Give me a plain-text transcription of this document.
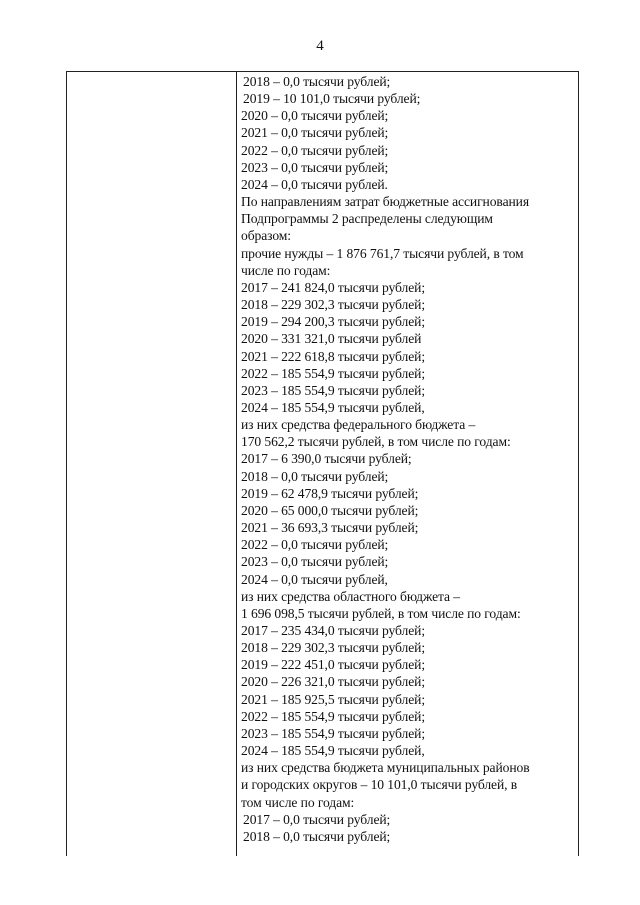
4
2018 – 0,0 тысячи рублей;
2019 – 10 101,0 тысячи рублей;
2020 – 0,0 тысячи рублей;
2021 – 0,0 тысячи рублей;
2022 – 0,0 тысячи рублей;
2023 – 0,0 тысячи рублей;
2024 – 0,0 тысячи рублей.
По направлениям затрат бюджетные ассигнования
Подпрограммы 2 распределены следующим
образом:
прочие нужды – 1 876 761,7 тысячи рублей, в том
числе по годам:
2017 – 241 824,0 тысячи рублей;
2018 – 229 302,3 тысячи рублей;
2019 – 294 200,3 тысячи рублей;
2020 – 331 321,0 тысячи рублей
2021 – 222 618,8 тысячи рублей;
2022 – 185 554,9 тысячи рублей;
2023 – 185 554,9 тысячи рублей;
2024 – 185 554,9 тысячи рублей,
из них средства федерального бюджета –
170 562,2 тысячи рублей, в том числе по годам:
2017 – 6 390,0 тысячи рублей;
2018 – 0,0 тысячи рублей;
2019 – 62 478,9 тысячи рублей;
2020 – 65 000,0 тысячи рублей;
2021 – 36 693,3 тысячи рублей;
2022 – 0,0 тысячи рублей;
2023 – 0,0 тысячи рублей;
2024 – 0,0 тысячи рублей,
из них средства областного бюджета –
1 696 098,5 тысячи рублей, в том числе по годам:
2017 – 235 434,0 тысячи рублей;
2018 – 229 302,3 тысячи рублей;
2019 – 222 451,0 тысячи рублей;
2020 – 226 321,0 тысячи рублей;
2021 – 185 925,5 тысячи рублей;
2022 – 185 554,9 тысячи рублей;
2023 – 185 554,9 тысячи рублей;
2024 – 185 554,9 тысячи рублей,
из них средства бюджета муниципальных районов
и городских округов – 10 101,0 тысячи рублей, в
том числе по годам:
2017 – 0,0 тысячи рублей;
2018 – 0,0 тысячи рублей;
